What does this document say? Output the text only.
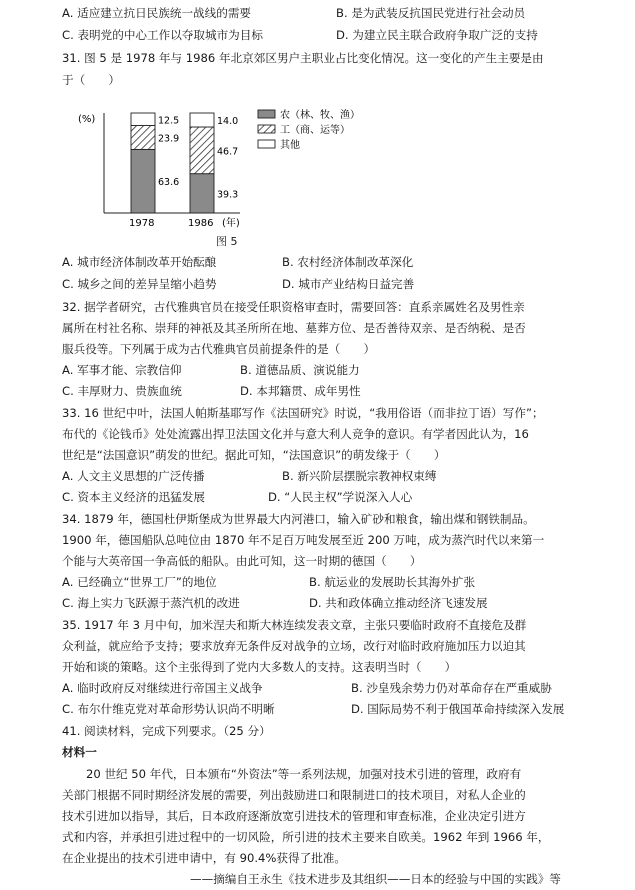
A. 适应建立抗日民族统一战线的需要	B. 是为武装反抗国民党进行社会动员
C. 表明党的中心工作以夺取城市为目标	D. 为建立民主联合政府争取广泛的支持
31. 图 5 是 1978 年与 1986 年北京郊区男户主职业占比变化情况。这一变化的产生主要是由
于（　　）
(%)
63.6
23.9
12.5
1978
39.3
46.7
14.0
1986 (年)
农（林、牧、渔）
工（商、运等）
其他
图 5
A. 城市经济体制改革开始酝酿	B. 农村经济体制改革深化
C. 城乡之间的差异呈缩小趋势	D. 城市产业结构日益完善
32. 据学者研究，古代雅典官员在接受任职资格审查时，需要回答：直系亲属姓名及男性亲
属所在村社名称、崇拜的神祇及其圣所所在地、墓葬方位、是否善待双亲、是否纳税、是否
服兵役等。下列属于成为古代雅典官员前提条件的是（　　）
A. 军事才能、宗教信仰	B. 道德品质、演说能力
C. 丰厚财力、贵族血统	D. 本邦籍贯、成年男性
33. 16 世纪中叶，法国人帕斯基耶写作《法国研究》时说，“我用俗语（而非拉丁语）写作”；
布代的《论钱币》处处流露出捍卫法国文化并与意大利人竞争的意识。有学者因此认为，16
世纪是“法国意识”萌发的世纪。据此可知，“法国意识”的萌发缘于（　　）
A. 人文主义思想的广泛传播	B. 新兴阶层摆脱宗教神权束缚
C. 资本主义经济的迅猛发展	D. “人民主权”学说深入人心
34. 1879 年，德国杜伊斯堡成为世界最大内河港口，输入矿砂和粮食，输出煤和钢铁制品。
1900 年，德国船队总吨位由 1870 年不足百万吨发展至近 200 万吨，成为蒸汽时代以来第一
个能与大英帝国一争高低的船队。由此可知，这一时期的德国（　　）
A. 已经确立“世界工厂”的地位	B. 航运业的发展助长其海外扩张
C. 海上实力飞跃源于蒸汽机的改进	D. 共和政体确立推动经济飞速发展
35. 1917 年 3 月中旬，加米涅夫和斯大林连续发表文章，主张只要临时政府不直接危及群
众利益，就应给予支持；要求放弃无条件反对战争的立场，改行对临时政府施加压力以迫其
开始和谈的策略。这个主张得到了党内大多数人的支持。这表明当时（　　）
A. 临时政府反对继续进行帝国主义战争	B. 沙皇残余势力仍对革命存在严重威胁
C. 布尔什维克党对革命形势认识尚不明晰	D. 国际局势不利于俄国革命持续深入发展
41. 阅读材料，完成下列要求。（25 分）
材料一
20 世纪 50 年代，日本颁布“外资法”等一系列法规，加强对技术引进的管理，政府有
关部门根据不同时期经济发展的需要，列出鼓励进口和限制进口的技术项目，对私人企业的
技术引进加以指导，其后，日本政府逐渐放宽引进技术的管理和审查标准，企业决定引进方
式和内容，并承担引进过程中的一切风险，所引进的技术主要来自欧美。1962 年到 1966 年，
在企业提出的技术引进申请中，有 90.4%获得了批准。
——摘编自王永生《技术进步及其组织——日本的经验与中国的实践》等
